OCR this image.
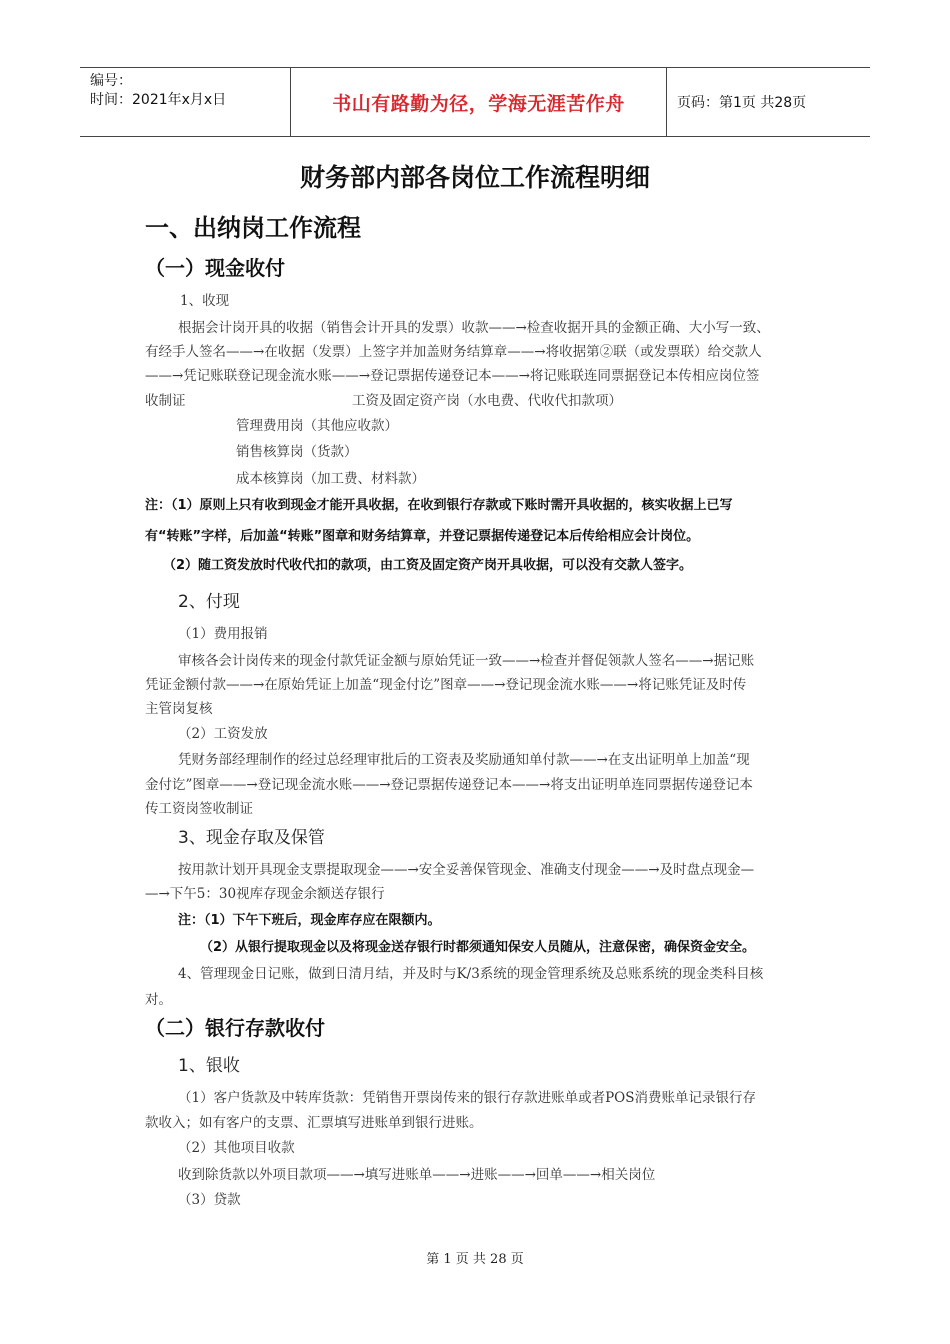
编号：
时间：2021年x月x日	书山有路勤为径，学海无涯苦作舟	页码：第1页 共28页
财务部内部各岗位工作流程明细
一、出纳岗工作流程
（一）现金收付
1、收现
根据会计岗开具的收据（销售会计开具的发票）收款——→检查收据开具的金额正确、大小写一致、
有经手人签名——→在收据（发票）上签字并加盖财务结算章——→将收据第②联（或发票联）给交款人
——→凭记账联登记现金流水账——→登记票据传递登记本——→将记账联连同票据登记本传相应岗位签
收制证	工资及固定资产岗（水电费、代收代扣款项）
管理费用岗（其他应收款）
销售核算岗（货款）
成本核算岗（加工费、材料款）
注：（1）原则上只有收到现金才能开具收据，在收到银行存款或下账时需开具收据的，核实收据上已写
有“转账”字样，后加盖“转账”图章和财务结算章，并登记票据传递登记本后传给相应会计岗位。
（2）随工资发放时代收代扣的款项，由工资及固定资产岗开具收据，可以没有交款人签字。
2、付现
（1）费用报销
审核各会计岗传来的现金付款凭证金额与原始凭证一致——→检查并督促领款人签名——→据记账
凭证金额付款——→在原始凭证上加盖“现金付讫”图章——→登记现金流水账——→将记账凭证及时传
主管岗复核
（2）工资发放
凭财务部经理制作的经过总经理审批后的工资表及奖励通知单付款——→在支出证明单上加盖“现
金付讫”图章——→登记现金流水账——→登记票据传递登记本——→将支出证明单连同票据传递登记本
传工资岗签收制证
3、现金存取及保管
按用款计划开具现金支票提取现金——→安全妥善保管现金、准确支付现金——→及时盘点现金—
—→下午5：30视库存现金余额送存银行
注：（1）下午下班后，现金库存应在限额内。
（2）从银行提取现金以及将现金送存银行时都须通知保安人员随从，注意保密，确保资金安全。
4、管理现金日记账，做到日清月结，并及时与K/3系统的现金管理系统及总账系统的现金类科目核
对。
（二）银行存款收付
1、银收
（1）客户货款及中转库货款：凭销售开票岗传来的银行存款进账单或者POS消费账单记录银行存
款收入；如有客户的支票、汇票填写进账单到银行进账。
（2）其他项目收款
收到除货款以外项目款项——→填写进账单——→进账——→回单——→相关岗位
（3）贷款
第 1 页 共 28 页
